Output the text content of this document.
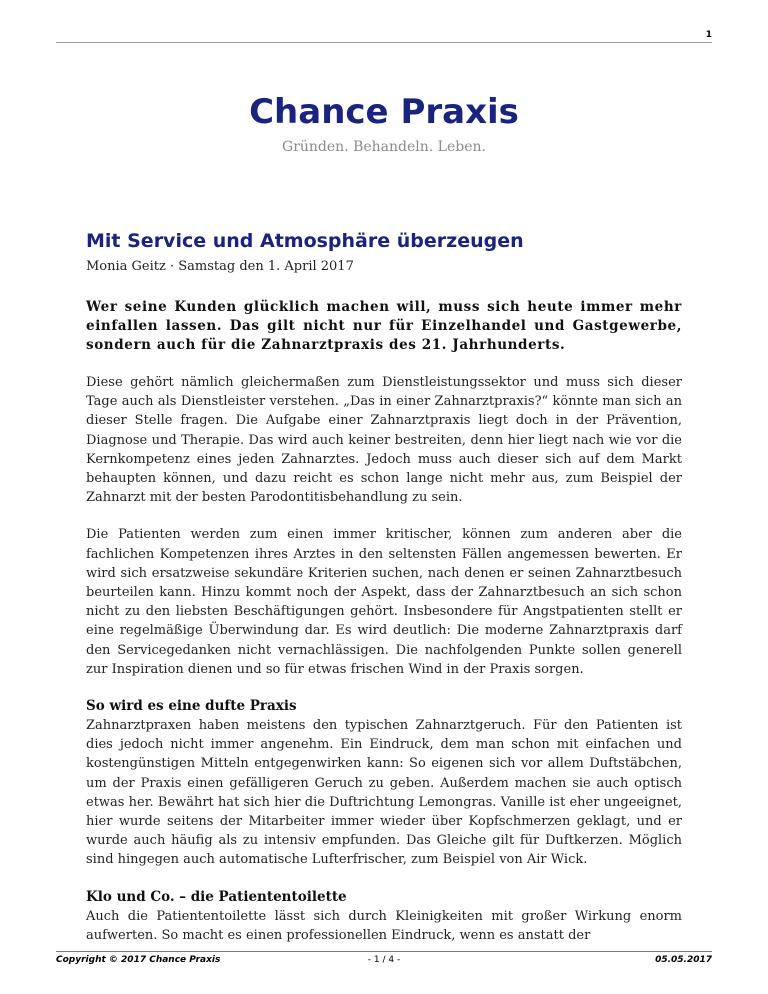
1
Chance Praxis
Gründen. Behandeln. Leben.
Mit Service und Atmosphäre überzeugen
Monia Geitz · Samstag den 1. April 2017

Wer seine Kunden glücklich machen will, muss sich heute immer mehr einfallen lassen. Das gilt nicht nur für Einzelhandel und Gastgewerbe, sondern auch für die Zahnarztpraxis des 21. Jahrhunderts.

Diese gehört nämlich gleichermaßen zum Dienstleistungssektor und muss sich dieser Tage auch als Dienstleister verstehen. „Das in einer Zahnarztpraxis?“ könnte man sich an dieser Stelle fragen. Die Aufgabe einer Zahnarztpraxis liegt doch in der Prävention, Diagnose und Therapie. Das wird auch keiner bestreiten, denn hier liegt nach wie vor die Kernkompetenz eines jeden Zahnarztes. Jedoch muss auch dieser sich auf dem Markt behaupten können, und dazu reicht es schon lange nicht mehr aus, zum Beispiel der Zahnarzt mit der besten Parodontitisbehandlung zu sein.

Die Patienten werden zum einen immer kritischer, können zum anderen aber die fachlichen Kompetenzen ihres Arztes in den seltensten Fällen angemessen bewerten. Er wird sich ersatzweise sekundäre Kriterien suchen, nach denen er seinen Zahnarztbesuch beurteilen kann. Hinzu kommt noch der Aspekt, dass der Zahnarztbesuch an sich schon nicht zu den liebsten Beschäftigungen gehört. Insbesondere für Angstpatienten stellt er eine regelmäßige Überwindung dar. Es wird deutlich: Die moderne Zahnarztpraxis darf den Servicegedanken nicht vernachlässigen. Die nachfolgenden Punkte sollen generell zur Inspiration dienen und so für etwas frischen Wind in der Praxis sorgen.

So wird es eine dufte Praxis

Zahnarztpraxen haben meistens den typischen Zahnarztgeruch. Für den Patienten ist dies jedoch nicht immer angenehm. Ein Eindruck, dem man schon mit einfachen und kostengünstigen Mitteln entgegenwirken kann: So eigenen sich vor allem Duftstäbchen, um der Praxis einen gefälligeren Geruch zu geben. Außerdem machen sie auch optisch etwas her. Bewährt hat sich hier die Duftrichtung Lemongras. Vanille ist eher ungeeignet, hier wurde seitens der Mitarbeiter immer wieder über Kopfschmerzen geklagt, und er wurde auch häufig als zu intensiv empfunden. Das Gleiche gilt für Duftkerzen. Möglich sind hingegen auch automatische Lufterfrischer, zum Beispiel von Air Wick.

Klo und Co. – die Patiententoilette

Auch die Patiententoilette lässt sich durch Kleinigkeiten mit großer Wirkung enorm aufwerten. So macht es einen professionellen Eindruck, wenn es anstatt der

Copyright © 2017 Chance Praxis	- 1 / 4 -	05.05.2017
